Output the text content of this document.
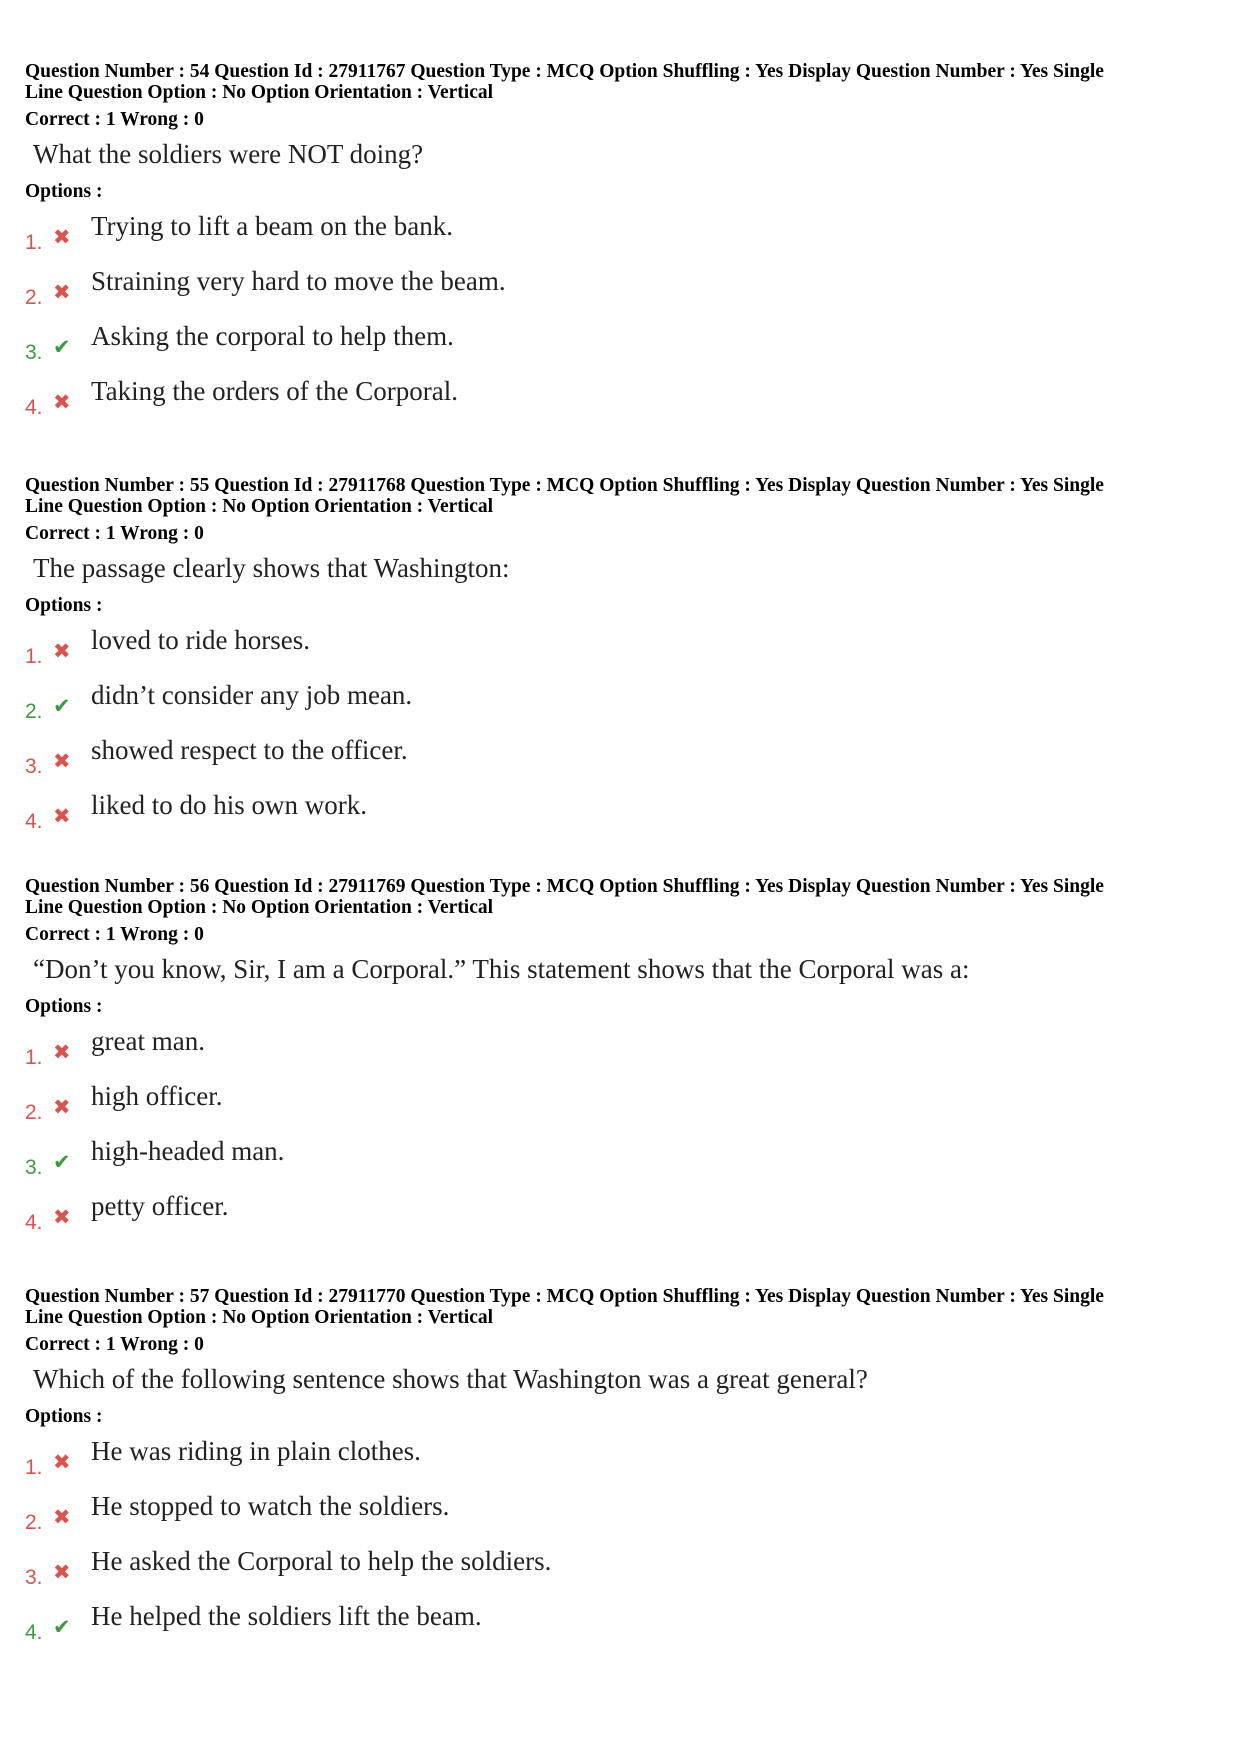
Question Number : 54 Question Id : 27911767 Question Type : MCQ Option Shuffling : Yes Display Question Number : Yes Single

Line Question Option : No Option Orientation : Vertical

Correct : 1 Wrong : 0
What the soldiers were NOT doing?
Options :
1. ✖ Trying to lift a beam on the bank.
2. ✖ Straining very hard to move the beam.
3. ✔ Asking the corporal to help them.
4. ✖ Taking the orders of the Corporal.

Question Number : 55 Question Id : 27911768 Question Type : MCQ Option Shuffling : Yes Display Question Number : Yes Single

Line Question Option : No Option Orientation : Vertical

Correct : 1 Wrong : 0
The passage clearly shows that Washington:
Options :
1. ✖ loved to ride horses.
2. ✔ didn’t consider any job mean.
3. ✖ showed respect to the officer.
4. ✖ liked to do his own work.

Question Number : 56 Question Id : 27911769 Question Type : MCQ Option Shuffling : Yes Display Question Number : Yes Single

Line Question Option : No Option Orientation : Vertical

Correct : 1 Wrong : 0
“Don’t you know, Sir, I am a Corporal.” This statement shows that the Corporal was a:
Options :
1. ✖ great man.
2. ✖ high officer.
3. ✔ high-headed man.
4. ✖ petty officer.

Question Number : 57 Question Id : 27911770 Question Type : MCQ Option Shuffling : Yes Display Question Number : Yes Single

Line Question Option : No Option Orientation : Vertical

Correct : 1 Wrong : 0
Which of the following sentence shows that Washington was a great general?
Options :
1. ✖ He was riding in plain clothes.
2. ✖ He stopped to watch the soldiers.
3. ✖ He asked the Corporal to help the soldiers.
4. ✔ He helped the soldiers lift the beam.
